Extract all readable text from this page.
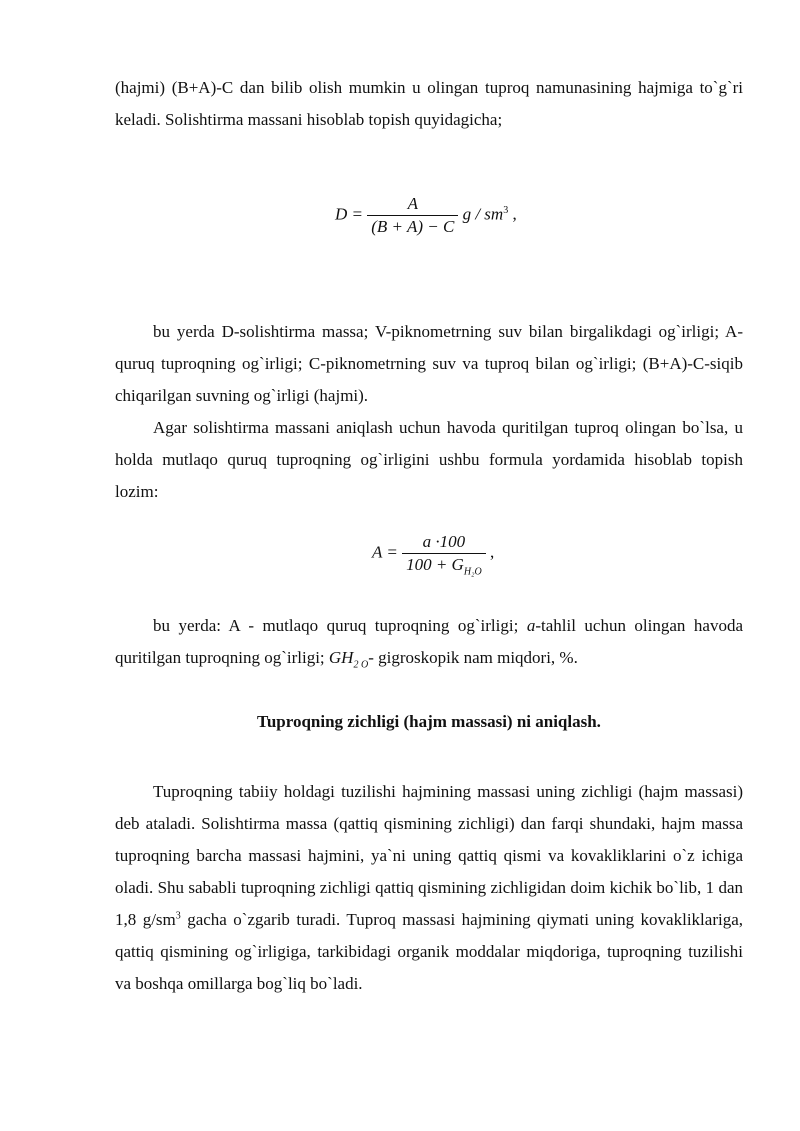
(hajmi) (B+A)-C dan bilib olish mumkin u olingan tuproq namunasining hajmiga to`g`ri keladi. Solishtirma massani hisoblab topish quyidagicha;

$D = \frac{A}{(B + A) - C}$ g / $sm^3$ ,

bu yerda D-solishtirma massa; V-piknometrning suv bilan birgalikdagi og`irligi; A-quruq tuproqning og`irligi; C-piknometrning suv va tuproq bilan og`irligi; (B+A)-C-siqib chiqarilgan suvning og`irligi (hajmi).

Agar solishtirma massani aniqlash uchun havoda quritilgan tuproq olingan bo`lsa, u holda mutlaqo quruq tuproqning og`irligini ushbu formula yordamida hisoblab topish lozim:

$A = \frac{a \cdot 100}{100 + G_{H_2O}}$ ,

bu yerda: A - mutlaqo quruq tuproqning og`irligi; a-tahlil uchun olingan havoda quritilgan tuproqning og`irligi; $GH_{2 O}-$ gigroskopik nam miqdori, %.

Tuproqning zichligi (hajm massasi) ni aniqlash.

Tuproqning tabiiy holdagi tuzilishi hajmining massasi uning zichligi (hajm massasi) deb ataladi. Solishtirma massa (qattiq qismining zichligi) dan farqi shundaki, hajm massa tuproqning barcha massasi hajmini, ya`ni uning qattiq qismi va kovakliklarini o`z ichiga oladi. Shu sababli tuproqning zichligi qattiq qismining zichligidan doim kichik bo`lib, 1 dan 1,8 $g/sm^3$ gacha o`zgarib turadi. Tuproq massasi hajmining qiymati uning kovakliklariga, qattiq qismining og`irligiga, tarkibidagi organik moddalar miqdoriga, tuproqning tuzilishi va boshqa omillarga bog`liq bo`ladi.
